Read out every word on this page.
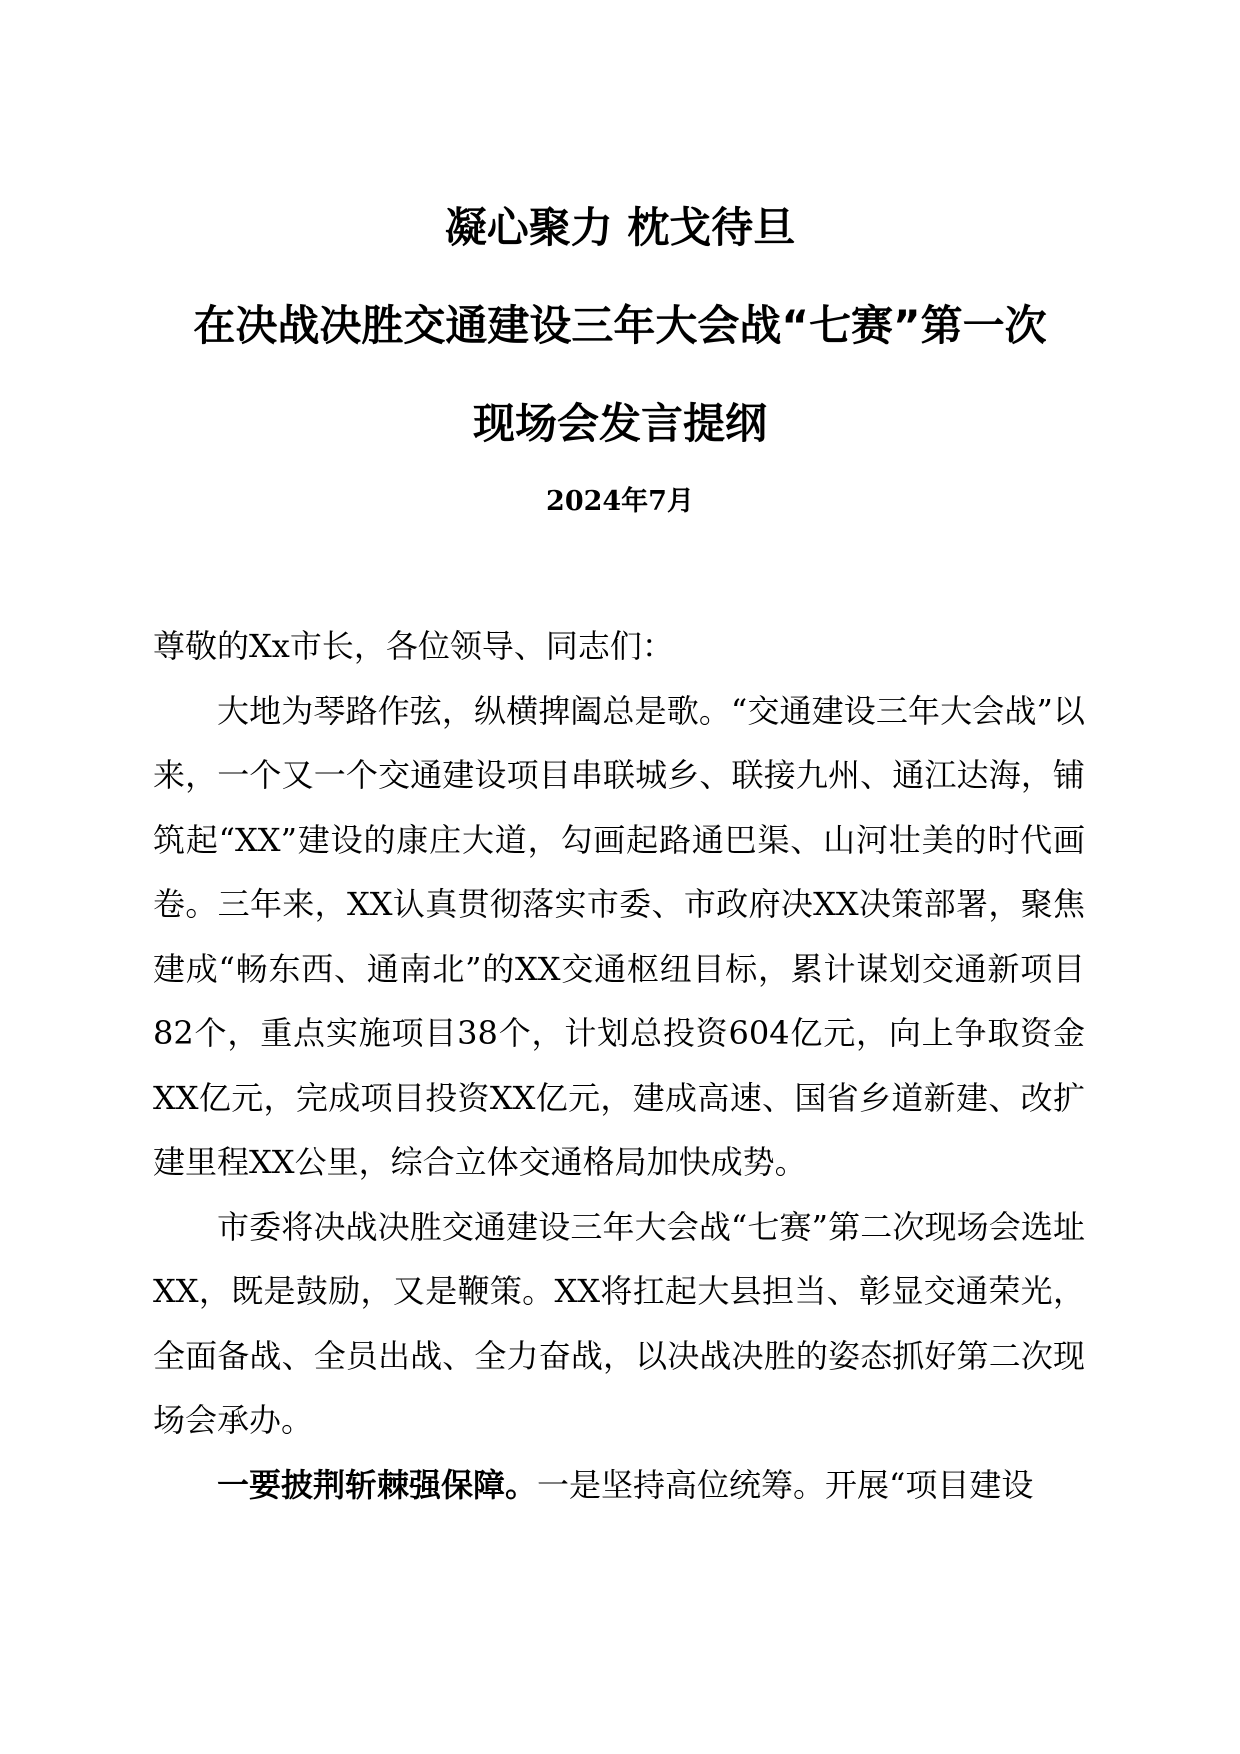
凝心聚力 枕戈待旦
在决战决胜交通建设三年大会战“七赛”第一次
现场会发言提纲
2024年7月

尊敬的Xx市长，各位领导、同志们：

大地为琴路作弦，纵横捭阖总是歌。“交通建设三年大会战”以来，一个又一个交通建设项目串联城乡、联接九州、通江达海，铺筑起“XX”建设的康庄大道，勾画起路通巴渠、山河壮美的时代画卷。三年来，XX认真贯彻落实市委、市政府决XX决策部署，聚焦建成“畅东西、通南北”的XX交通枢纽目标，累计谋划交通新项目82个，重点实施项目38个，计划总投资604亿元，向上争取资金XX亿元，完成项目投资XX亿元，建成高速、国省乡道新建、改扩建里程XX公里，综合立体交通格局加快成势。

市委将决战决胜交通建设三年大会战“七赛”第二次现场会选址XX，既是鼓励，又是鞭策。XX将扛起大县担当、彰显交通荣光，全面备战、全员出战、全力奋战，以决战决胜的姿态抓好第二次现场会承办。

一要披荆斩棘强保障。一是坚持高位统筹。开展“项目建设
